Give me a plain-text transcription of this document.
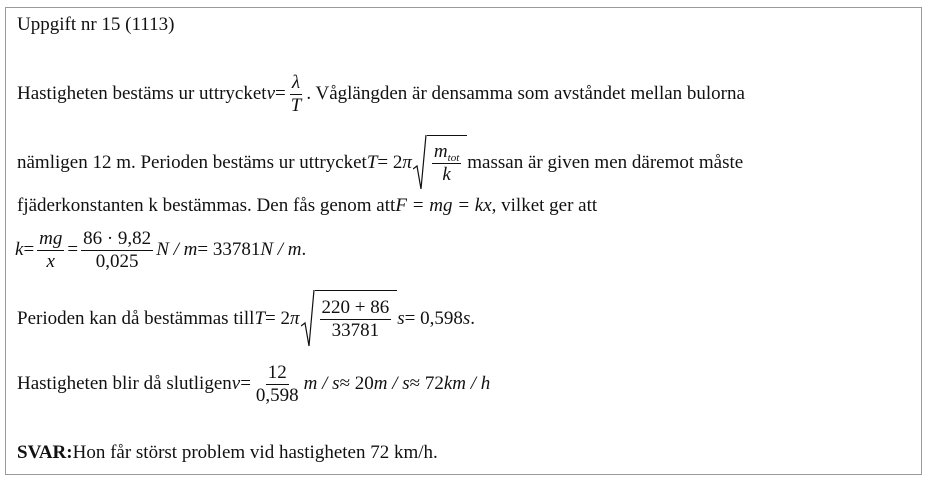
Uppgift nr 15 (1113)
Hastigheten bestäms ur uttrycket $v = \frac{\lambda}{T}$ . Våglängden är densamma som avståndet mellan bulorna
nämligen 12 m. Perioden bestäms ur uttrycket T = 2 π $\frac{m_{tot}}{k}$ massan är given men däremot måste
fjäderkonstanten k bestämmas. Den fås genom att F = mg = kx , vilket ger att
$k = \frac{mg}{x} = \frac{86 \cdot 9,82}{0,025}$ N / m = 33781 N / m .
Perioden kan då bestämmas till T = 2 π $\frac{220 + 86}{33781}$ s = 0,598 s .
Hastigheten blir då slutligen $v = \frac{12}{0,598}$ m / s ≈ 20 m / s ≈ 72 km / h
SVAR: Hon får störst problem vid hastigheten 72 km/h.
